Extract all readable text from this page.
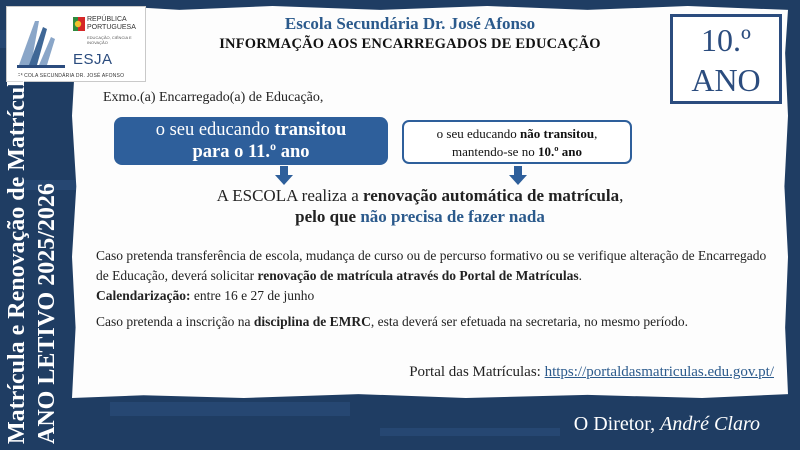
REPÚBLICA
PORTUGUESA
EDUCAÇÃO, CIÊNCIA E INOVAÇÃO
ESJA
ESCOLA SECUNDÁRIA DR. JOSÉ AFONSO
Escola Secundária Dr. José Afonso
INFORMAÇÃO AOS ENCARREGADOS DE EDUCAÇÃO	10.º
ANO
Matrícula e Renovação de Matrícula ANO LETIVO 2025/2026
Exmo.(a) Encarregado(a) de Educação,
o seu educando transitou
para o 11.º ano
o seu educando não transitou,
mantendo-se no 10.º ano
A ESCOLA realiza a renovação automática de matrícula,
pelo que não precisa de fazer nada
Caso pretenda transferência de escola, mudança de curso ou de percurso formativo ou se verifique alteração de Encarregado de Educação, deverá solicitar renovação de matrícula através do Portal de Matrículas.
Calendarização: entre 16 e 27 de junho
Caso pretenda a inscrição na disciplina de EMRC, esta deverá ser efetuada na secretaria, no mesmo período.
Portal das Matrículas: https://portaldasmatriculas.edu.gov.pt/
O Diretor, André Claro
